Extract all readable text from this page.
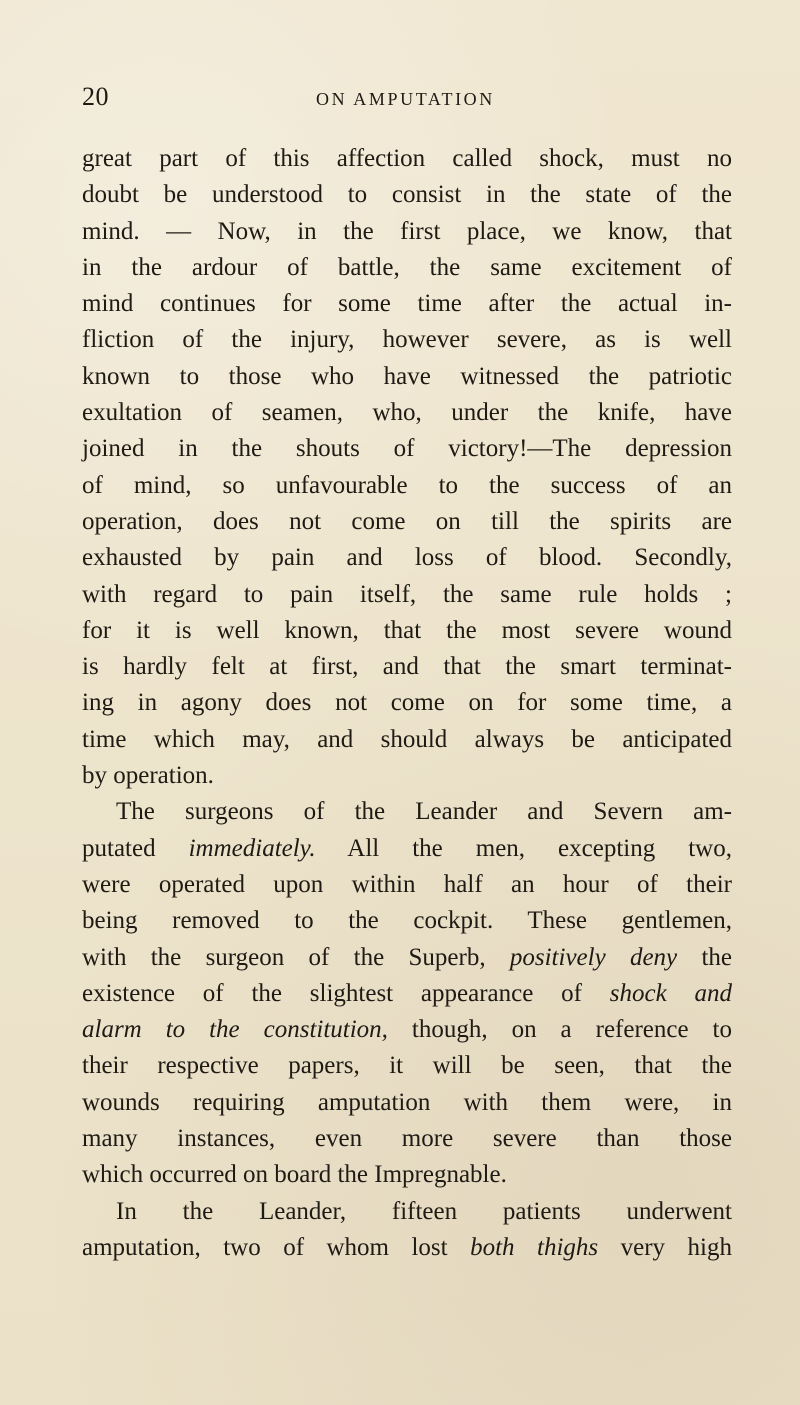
20	ON AMPUTATION
great part of this affection called shock, must no
doubt be understood to consist in the state of the
mind. — Now, in the first place, we know, that
in the ardour of battle, the same excitement of
mind continues for some time after the actual in-
fliction of the injury, however severe, as is well
known to those who have witnessed the patriotic
exultation of seamen, who, under the knife, have
joined in the shouts of victory!—The depression
of mind, so unfavourable to the success of an
operation, does not come on till the spirits are
exhausted by pain and loss of blood. Secondly,
with regard to pain itself, the same rule holds ;
for it is well known, that the most severe wound
is hardly felt at first, and that the smart terminat-
ing in agony does not come on for some time, a
time which may, and should always be anticipated
by operation.
The surgeons of the Leander and Severn am-
putated immediately. All the men, excepting two,
were operated upon within half an hour of their
being removed to the cockpit. These gentlemen,
with the surgeon of the Superb, positively deny the
existence of the slightest appearance of shock and
alarm to the constitution, though, on a reference to
their respective papers, it will be seen, that the
wounds requiring amputation with them were, in
many instances, even more severe than those
which occurred on board the Impregnable.
In the Leander, fifteen patients underwent
amputation, two of whom lost both thighs very high
